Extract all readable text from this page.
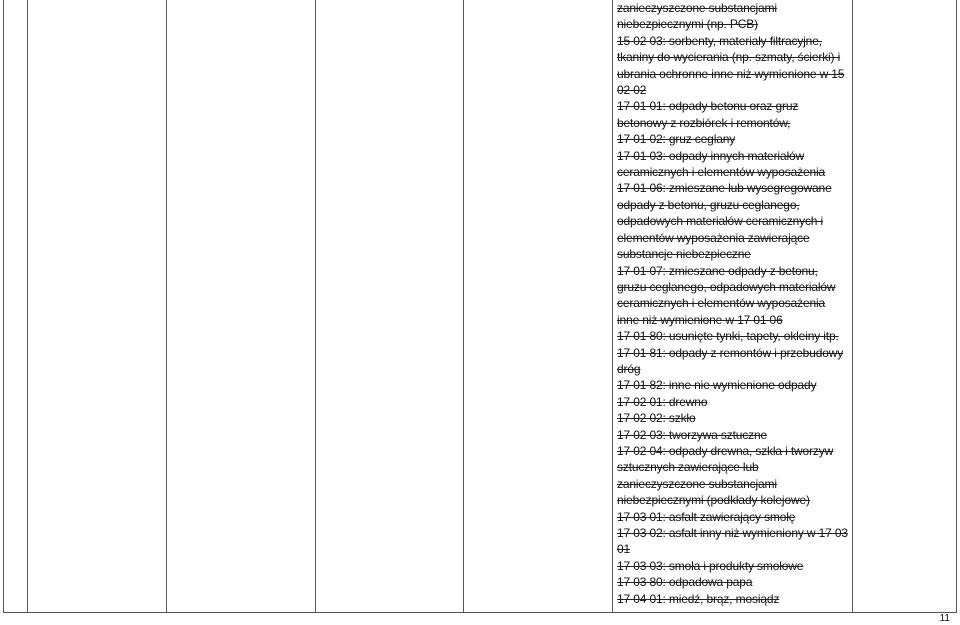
zanieczyszczone substancjami niebezpiecznymi (np. PCB)
15 02 03: sorbenty, materiały filtracyjne, tkaniny do wycierania (np. szmaty, ścierki) i ubrania ochronne inne niż wymienione w 15 02 02
17 01 01: odpady betonu oraz gruz betonowy z rozbiórek i remontów,
17 01 02: gruz ceglany
17 01 03: odpady innych materiałów ceramicznych i elementów wyposażenia
17 01 06: zmieszane lub wysegregowane odpady z betonu, gruzu ceglanego, odpadowych materiałów ceramicznych i elementów wyposażenia zawierające substancje niebezpieczne
17 01 07: zmieszane odpady z betonu, gruzu ceglanego, odpadowych materiałów ceramicznych i elementów wyposażenia inne niż wymienione w 17 01 06
17 01 80: usunięte tynki, tapety, okleiny itp.
17 01 81: odpady z remontów i przebudowy dróg
17 01 82: inne nie wymienione odpady
17 02 01: drewno
17 02 02: szkło
17 02 03: tworzywa sztuczne
17 02 04: odpady drewna, szkła i tworzyw sztucznych zawierające lub zanieczyszczone substancjami niebezpiecznymi (podkłady kolejowe)
17 03 01: asfalt zawierający smołę
17 03 02: asfalt inny niż wymieniony w 17 03 01
17 03 03: smoła i produkty smołowe
17 03 80: odpadowa papa
17 04 01: miedź, brąz, mosiądz
11
